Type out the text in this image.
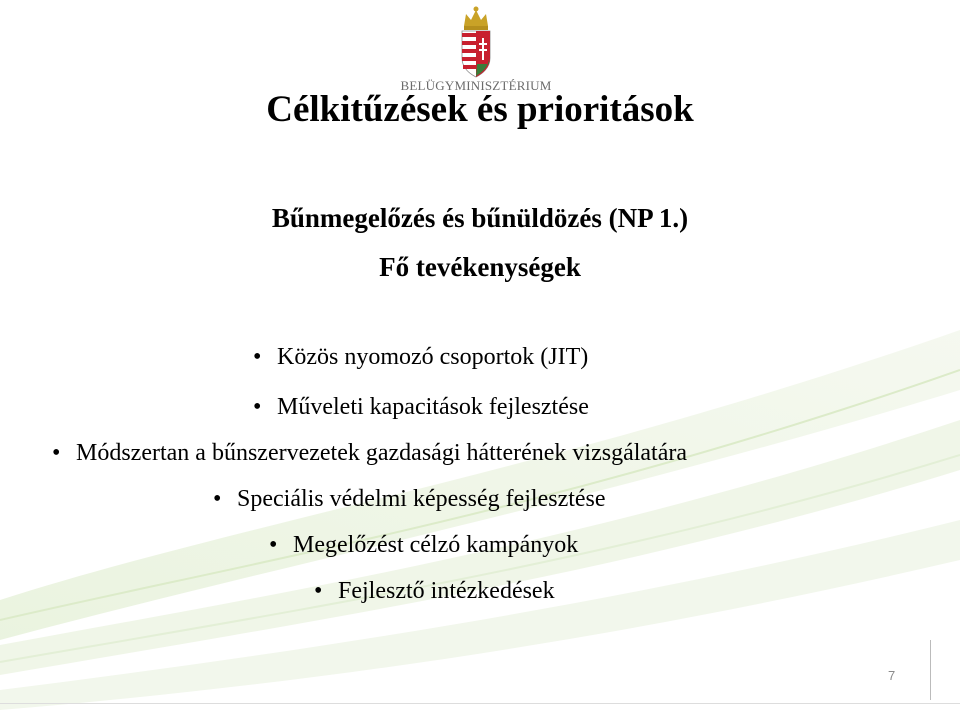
BELÜGYMINISZTÉRIUM
Célkitűzések és prioritások
Bűnmegelőzés és bűnüldözés (NP 1.)
Fő tevékenységek
• Közös nyomozó csoportok (JIT)
• Műveleti kapacitások fejlesztése
• Módszertan a bűnszervezetek gazdasági hátterének vizsgálatára
• Speciális védelmi képesség fejlesztése
• Megelőzést célzó kampányok
• Fejlesztő intézkedések
7
